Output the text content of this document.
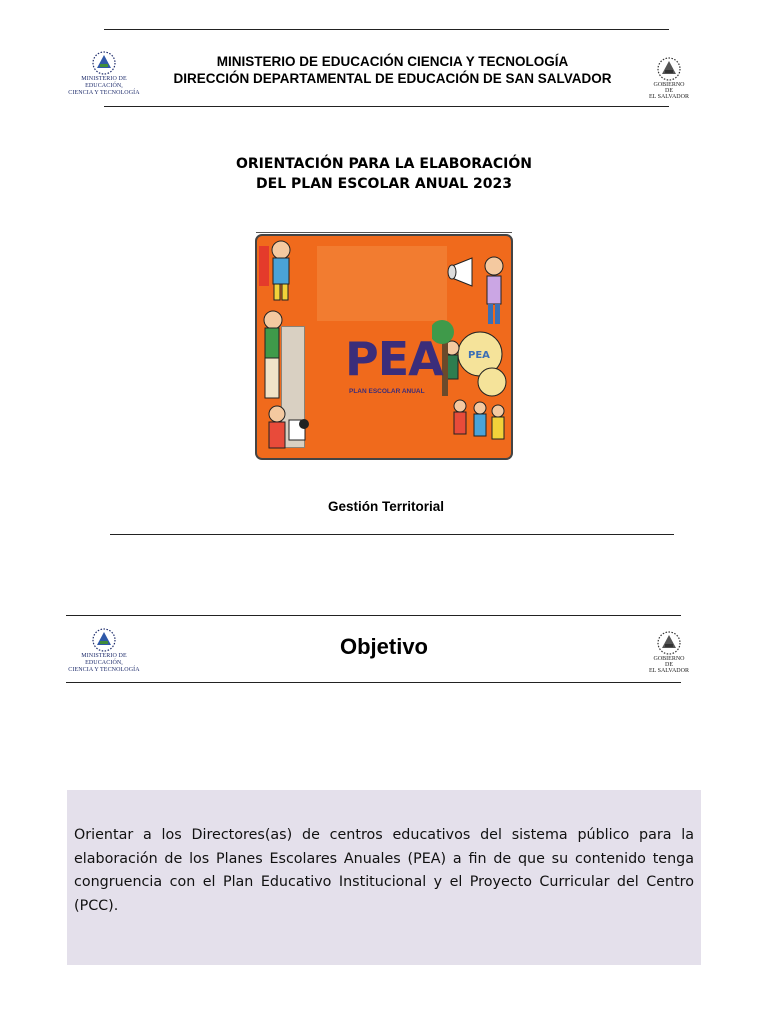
MINISTERIO DE EDUCACIÓN,
CIENCIA Y TECNOLOGÍA
MINISTERIO DE EDUCACIÓN CIENCIA Y TECNOLOGÍA
DIRECCIÓN DEPARTAMENTAL DE EDUCACIÓN DE SAN SALVADOR	GOBIERNO DE
EL SALVADOR
ORIENTACIÓN PARA LA ELABORACIÓN
DEL PLAN ESCOLAR ANUAL 2023
PEA
PEA
PLAN ESCOLAR ANUAL
Gestión Territorial
MINISTERIO DE EDUCACIÓN,
CIENCIA Y TECNOLOGÍA
Objetivo	GOBIERNO DE
EL SALVADOR
Orientar a los Directores(as) de centros educativos del sistema público para la elaboración de los Planes Escolares Anuales (PEA) a fin de que su contenido tenga congruencia con el Plan Educativo Institucional y el Proyecto Curricular del Centro (PCC).
